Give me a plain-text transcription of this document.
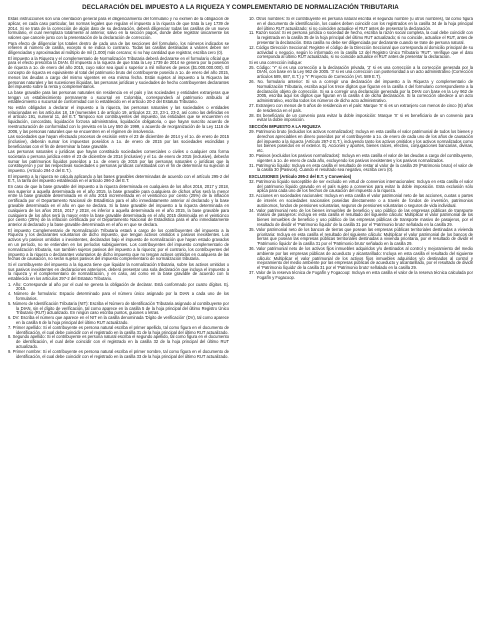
DECLARACIÓN DEL IMPUESTO A LA RIQUEZA Y COMPLEMENTARIO DE NORMALIZACIÓN TRIBUTARIA

Estas instrucciones son una orientación general para el diligenciamiento del formulario y no eximen de la obligación de aplicar, en cada caso particular, las normas legales que regulan el impuesto a la riqueza de que trata la Ley 1739 de 2014. Si se trata de la corrección de algún dato de su declaración, deberá diligenciar todas las casillas de un nuevo formulario, el cual reemplaza totalmente al anterior, salvo en la sección pagos, donde debe registrar únicamente los valores que cancele junto con la presentación de la declaración de corrección.

Para efecto de diligenciar los totales dentro de cada una de las secciones del formulario, los números indicados se refieren al número de casilla, excepto si se indica lo contrario. Todas las casillas destinadas a valores deben ser diligenciadas y aproximadas al múltiplo de mil (1.000) más cercano; si no hay cantidad que registrar, escriba cero (0).

El impuesto a la Riqueza y el complementario de Normalización Tributaria deberá declararse en el formulario oficial que para el efecto prescriba la DIAN. El impuesto a la riqueza de que trata la Ley 1739 de 2014 se genera por la posesión de riqueza a 1o. de enero del año 2015, cuyo valor sea igual o superior a mil millones de pesos ($1.000.000.000). El concepto de riqueza es equivalente al total del patrimonio bruto del contribuyente poseído a 1o. de enero del año 2015, menos las deudas a cargo del mismo vigentes en esa misma fecha. Están sujetos al impuesto a la Riqueza las personas naturales y las sucesiones ilíquidas, las personas jurídicas y sociedades de hecho contribuyentes declarantes del impuesto sobre la renta y complementarios.

La base gravable para las personas naturales sin residencia en el país y las sociedades y entidades extranjeras que tengan un establecimiento permanente o sucursal en Colombia, corresponderá al patrimonio atribuido al establecimiento o sucursal de conformidad con lo establecido en el artículo 20-2 del Estatuto Tributario.

No están obligados a declarar el impuesto a la riqueza, las personas naturales y las sociedades o entidades relacionadas en los artículos 18, 19 (numerales 1 de artículo 19, artículos 22, 23, 23-1, 23-2, así como las definidas en el artículo 191, numeral 11, del E.T. Tampoco son contribuyentes del impuesto, las entidades que se encuentren en liquidación, concordato, liquidación forzosa administrativa, liquidación obligatoria, o que hayan suscrito acuerdo de reestructuración de conformidad con lo previsto en la Ley 550 de 1999, o acuerdo de reorganización de la Ley 1116 de 2006, y las personas naturales que se encuentren en el régimen de insolvencia.

Las sociedades que hayan efectuado procesos de escisión entre el 23 de diciembre de 2014 y el 1o. de enero de 2015 (inclusive), deberán sumar los impuestos poseídos a 1o. de enero de 2015 por las sociedades escindidas y beneficiarias con el fin de determinar la base gravable.

Las personas naturales o jurídicas que hayan constituido sociedades comerciales o civiles o cualquier otra forma societaria o persona jurídica entre el 23 de diciembre de 2014 (inclusive) y el 1o. de enero de 2015 (inclusive), deberán sumar los patrimonios líquidos poseídos a 1o. de enero de 2015 por las personas naturales o jurídicas que la constituyeron y por las respectivas sociedades o personas jurídicas constituidas con el fin de determinar su sujeción al impuesto. (Artículo 294-2 del E.T.).

El impuesto a la riqueza se calcula aplicando a las bases gravables determinadas de acuerdo con el artículo 295-2 del E.T., la tarifa del impuesto establecida en el artículo 296-2 del E.T.

En caso de que la base gravable del impuesto a la riqueza determinada en cualquiera de los años 2016, 2017 y 2018, sea superior a aquella determinada en el año 2015, la base gravable para cualquiera de dichos años será la menor entre la base gravable determinada en el año 2015 incrementada en el veinticinco por ciento (25%) de la inflación certificada por el Departamento Nacional de Estadística para el año inmediatamente anterior al declarado y la base gravable determinada en el año en que se declara. Si la base gravable del impuesto a la riqueza determinada en cualquiera de los años 2016, 2017 y 2018, es inferior a aquella determinada en el año 2015, la base gravable para cualquiera de los años será la mayor entre la base gravable determinada en el año 2015 disminuida en el veinticinco por ciento (25%) de la inflación certificada por el Departamento Nacional de Estadística para el año inmediatamente anterior al declarado y la base gravable determinada en el año en que se declara.

El impuesto Complementario de Normalización Tributaria estará a cargo de los contribuyentes del impuesto a la Riqueza y los declarantes voluntarios de dicho impuesto, que tengan activos omitidos o pasivos inexistentes. Los activos y/o pasivos omitidos o inexistentes, declarados bajo el impuesto de normalización que hayan estado gravados en un período, no se entienden en los períodos subsiguientes. Los contribuyentes del impuesto complementario de normalización tributaria, son también sujetos pasivos del impuesto a la riqueza; por el contrario, los contribuyentes del impuesto a la riqueza o declarantes voluntarios de dicho impuesto que no tengan activos omitidos en cualquiera de las fechas de causación, no serán sujetos pasivos del impuesto complementario de normalización tributaria.

Si el contribuyente del impuesto a la riqueza tiene que liquidar la normalización tributaria, sobre los activos omitidos o sus pasivos inexistentes en declaraciones anteriores, deberá presentar una sola declaración que incluya el impuesto a la riqueza y el complementario de normalización, y en caso, así como en la base gravable de acuerdo con lo establecido en los artículos 297-2 del Estatuto Tributario.

1. Año: Corresponde al año por el cual se genera la obligación de declarar. Está conformado por cuatro dígitos. Ej. 2015.

4. Número de formulario: Espacio determinado para el número único asignado por la DIAN a cada uno de los formularios.

5. Número de Identificación Tributaria (NIT): Escriba el Número de Identificación Tributaria asignado al contribuyente por la DIAN, sin el dígito de verificación, tal como aparece en la casilla 5 de la hoja principal del último Registro Único Tributario (RUT) actualizado. En ningún caso escriba puntos, guiones o letras.

6. DV: Escriba el número que aparece en el NIT en la casilla denominada 'Dígito de verificación' (DV), tal como aparece en la casilla 6 de la hoja principal del último RUT actualizado.

7. Primer apellido: Si el contribuyente es persona natural escriba el primer apellido, tal como figura en el documento de identificación, el cual debe coincidir con el registrado en la casilla 31 de la hoja principal del último RUT actualizado.

8. Segundo apellido: Si el contribuyente es persona natural escriba el segundo apellido, tal como figura en el documento de identificación, el cual debe coincidir con el registrado en la casilla 32 de la hoja principal del último RUT actualizado.

9. Primer nombre: Si el contribuyente es persona natural escriba el primer nombre, tal como figura en el documento de identificación, el cual debe coincidir con el registrado en la casilla 33 de la hoja principal del último RUT actualizado.

10. Otros nombres: Si el contribuyente es persona natural escriba el segundo nombre (u otros nombres), tal como figura en el documento de identificación, los cuales deben coincidir con los registrados en la casilla 34 de la hoja principal del último RUT actualizado; si no coinciden actualice el RUT antes de presentar la declaración.

11. Razón social: Si es persona jurídica o sociedad de hecho, escriba la razón social completa, la cual debe coincidir con la registrada en la casilla 35 de la hoja principal del último RUT actualizado; si no coincide, actualice el RUT, antes de presentar la declaración. Esta casilla no debe ser diligenciada por declarante cuando se trate de persona natural.

12. Código Dirección Seccional: Registre el código de la Dirección Seccional que corresponda al domicilio principal de su actividad o negocio, según lo informado en la casilla 12 del Registro Único Tributario 'RUT'. Verifique que el dato corresponda al último RUT actualizado, si no coincide actualice el RUT antes de presentar la declaración.

Si es una corrección indique:

25. Código: 'Y' si es una corrección a la declaración privada, '2' si es una corrección a la corrección generada por la DIAN, con base en la Ley 962 de 2005. '3' si es una corrección con posterioridad a un acto administrativo (Corrección artículos 589, 687, E.T.) y 'Y' Proyecto de Corrección (Art. 589 E.T).

26. No. formulario anterior: Si va a corregir una declaración del impuesto a la Riqueza y complementario de Normalización Tributaria, escriba aquí los trece dígitos que figuran en la casilla 4 del formulario correspondiente a la declaración objeto de corrección. Si va a corregir una declaración generada por la DIAN con base en la Ley 962 de 2005, escriba aquí los dígitos que figuran en la casilla 4 de dicha declaración. Si la corrección obedece a un acto administrativo, escriba todos los números de dicho acto administrativo.

27. Extranjero con menos de 5 años de residencia en el país: Marque 'X' si es un extranjero con menos de cinco (5) años de residencia en el país.

28. Es beneficiario de un convenio para evitar la doble imposición: Marque 'X' si es beneficiario de un convenio para evitar la doble imposición.

SECCIÓN IMPUESTO A LA RIQUEZA

29. Patrimonio bruto (incluidos los activos normalizados): Incluya en esta casilla el valor patrimonial de todos los bienes y derechos apreciables en dinero poseídos por el contribuyente a 1o. de enero de cada uno de los años de causación del impuesto a la riqueza (Artículo 297-2 E.T.), incluyendo tanto los activos omitidos y los activos normalizados como los bienes poseídos en el exterior. Ej. Acciones y aportes, bienes raíces, efectivo, conjugaciones bancarias, divisas, etc.

30. Pasivos (excluidos los pasivos normalizados): Incluya en esta casilla el valor de las deudas a cargo del contribuyente, vigentes a 1o. de enero de cada año, excluyendo los pasivos inexistentes y los pasivos normalizados.

31. Patrimonio líquido: Incluya en esta casilla el resultado de restar al valor de la casilla 29 (Patrimonio bruto) el valor de la casilla 30 (Pasivos). Cuando el resultado sea negativo, escriba cero (0).

EXCLUSIONES (Artículo 295-2 del E.T. y Convenios)

32. Patrimonio líquido susceptible de ser excluido en virtud de convenios internacionales: Incluya en esta casilla el valor del patrimonio líquido gravado en el país sujeto a convenios para evitar la doble imposición. Esta exclusión sólo aplica para cada uno de los hechos de causación del impuesto a la riqueza.

33. Acciones en sociedades nacionales: Incluya en esta casilla el valor patrimonial neto de las acciones, cuotas o partes de interés en sociedades nacionales poseídas directamente o a través de fondos de inversión, patrimonios autónomos, fondos de pensiones voluntarias, seguros de pensiones voluntarias o seguros de vida individual.

34. Valor patrimonial neto de los bienes inmuebles de beneficio y uso público de las empresas públicas de transporte masivo de pasajeros: incluya en esta casilla el resultado del siguiente cálculo: Multiplicar el valor patrimonial de los bienes inmuebles de beneficio y uso público de las empresas públicas de transporte masivo de pasajeros, por el resultado de dividir el 'Patrimonio líquido' de la casilla 31 por el 'Patrimonio bruto' señalado en la casilla 29.

35. Valor patrimonial neto de los bancos de tierras que posean las empresas públicas territoriales destinadas a vivienda prioritaria: Incluya en esta casilla el resultado del siguiente cálculo: Multiplicar el valor patrimonial de los bancos de tierras que posean las empresas públicas territoriales destinadas a vivienda prioritaria, por el resultado de dividir el 'Patrimonio líquido' de la casilla 31 por el 'Patrimonio bruto' señalado en la casilla 29.

36. Valor patrimonial neto de los activos fijos inmuebles adquiridos y/o destinados al control y mejoramiento del medio ambiente por las empresas públicas de acueducto y alcantarillado: Incluya en esta casilla el resultado del siguiente cálculo: Multiplicar el valor patrimonial de los activos fijos inmuebles adquiridos y/o destinados al control y mejoramiento del medio ambiente por las empresas públicas de acueducto y alcantarillado, por el resultado de dividir el 'Patrimonio líquido' de la casilla 31 por el 'Patrimonio bruto' señalado en la casilla 29.

37. Valor de la reserva técnica de Fogafín y Fogacoop: Incluya en esta casilla el valor de la reserva técnica calculada por Fogafín y Fogacoop.
